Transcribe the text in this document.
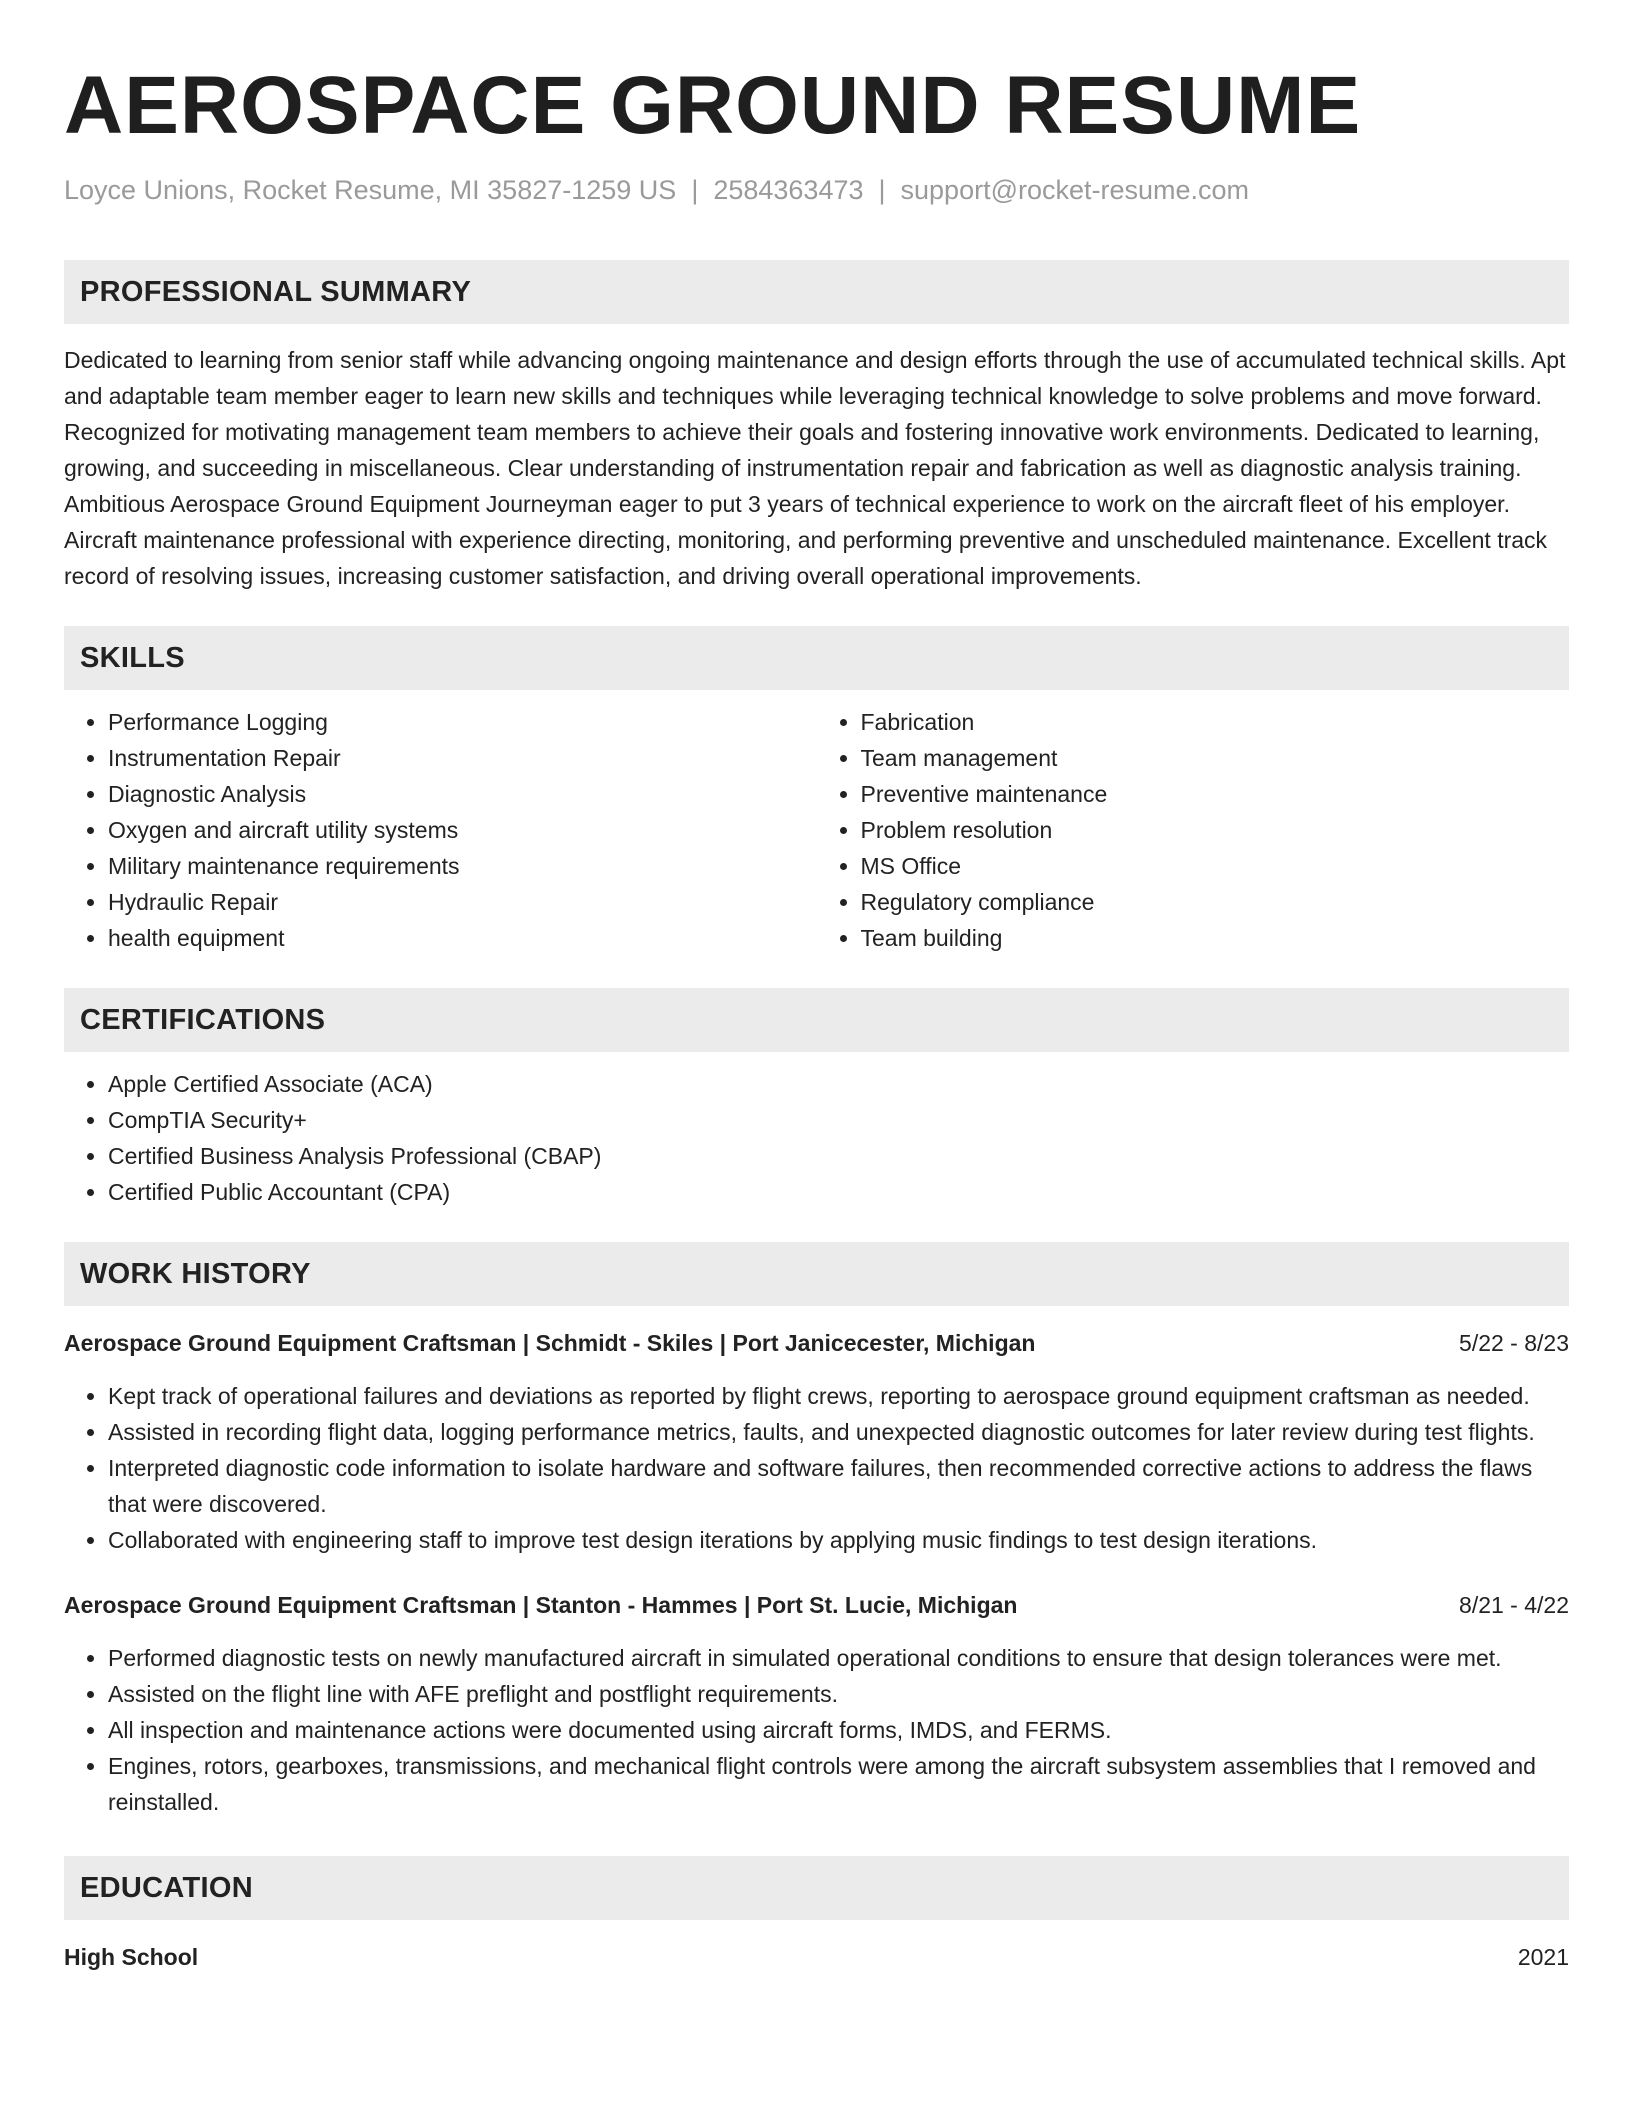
AEROSPACE GROUND RESUME
Loyce Unions, Rocket Resume, MI 35827-1259 US | 2584363473 | support@rocket-resume.com
PROFESSIONAL SUMMARY
Dedicated to learning from senior staff while advancing ongoing maintenance and design efforts through the use of accumulated technical skills. Apt and adaptable team member eager to learn new skills and techniques while leveraging technical knowledge to solve problems and move forward. Recognized for motivating management team members to achieve their goals and fostering innovative work environments. Dedicated to learning, growing, and succeeding in miscellaneous. Clear understanding of instrumentation repair and fabrication as well as diagnostic analysis training. Ambitious Aerospace Ground Equipment Journeyman eager to put 3 years of technical experience to work on the aircraft fleet of his employer. Aircraft maintenance professional with experience directing, monitoring, and performing preventive and unscheduled maintenance. Excellent track record of resolving issues, increasing customer satisfaction, and driving overall operational improvements.
SKILLS
• Performance Logging
• Instrumentation Repair
• Diagnostic Analysis
• Oxygen and aircraft utility systems
• Military maintenance requirements
• Hydraulic Repair
• health equipment
• Fabrication
• Team management
• Preventive maintenance
• Problem resolution
• MS Office
• Regulatory compliance
• Team building
CERTIFICATIONS
• Apple Certified Associate (ACA)
• CompTIA Security+
• Certified Business Analysis Professional (CBAP)
• Certified Public Accountant (CPA)
WORK HISTORY
Aerospace Ground Equipment Craftsman | Schmidt - Skiles | Port Janicecester, Michigan	5/22 - 8/23
• Kept track of operational failures and deviations as reported by flight crews, reporting to aerospace ground equipment craftsman as needed.
• Assisted in recording flight data, logging performance metrics, faults, and unexpected diagnostic outcomes for later review during test flights.
• Interpreted diagnostic code information to isolate hardware and software failures, then recommended corrective actions to address the flaws that were discovered.
• Collaborated with engineering staff to improve test design iterations by applying music findings to test design iterations.
Aerospace Ground Equipment Craftsman | Stanton - Hammes | Port St. Lucie, Michigan	8/21 - 4/22
• Performed diagnostic tests on newly manufactured aircraft in simulated operational conditions to ensure that design tolerances were met.
• Assisted on the flight line with AFE preflight and postflight requirements.
• All inspection and maintenance actions were documented using aircraft forms, IMDS, and FERMS.
• Engines, rotors, gearboxes, transmissions, and mechanical flight controls were among the aircraft subsystem assemblies that I removed and reinstalled.
EDUCATION
High School	2021
